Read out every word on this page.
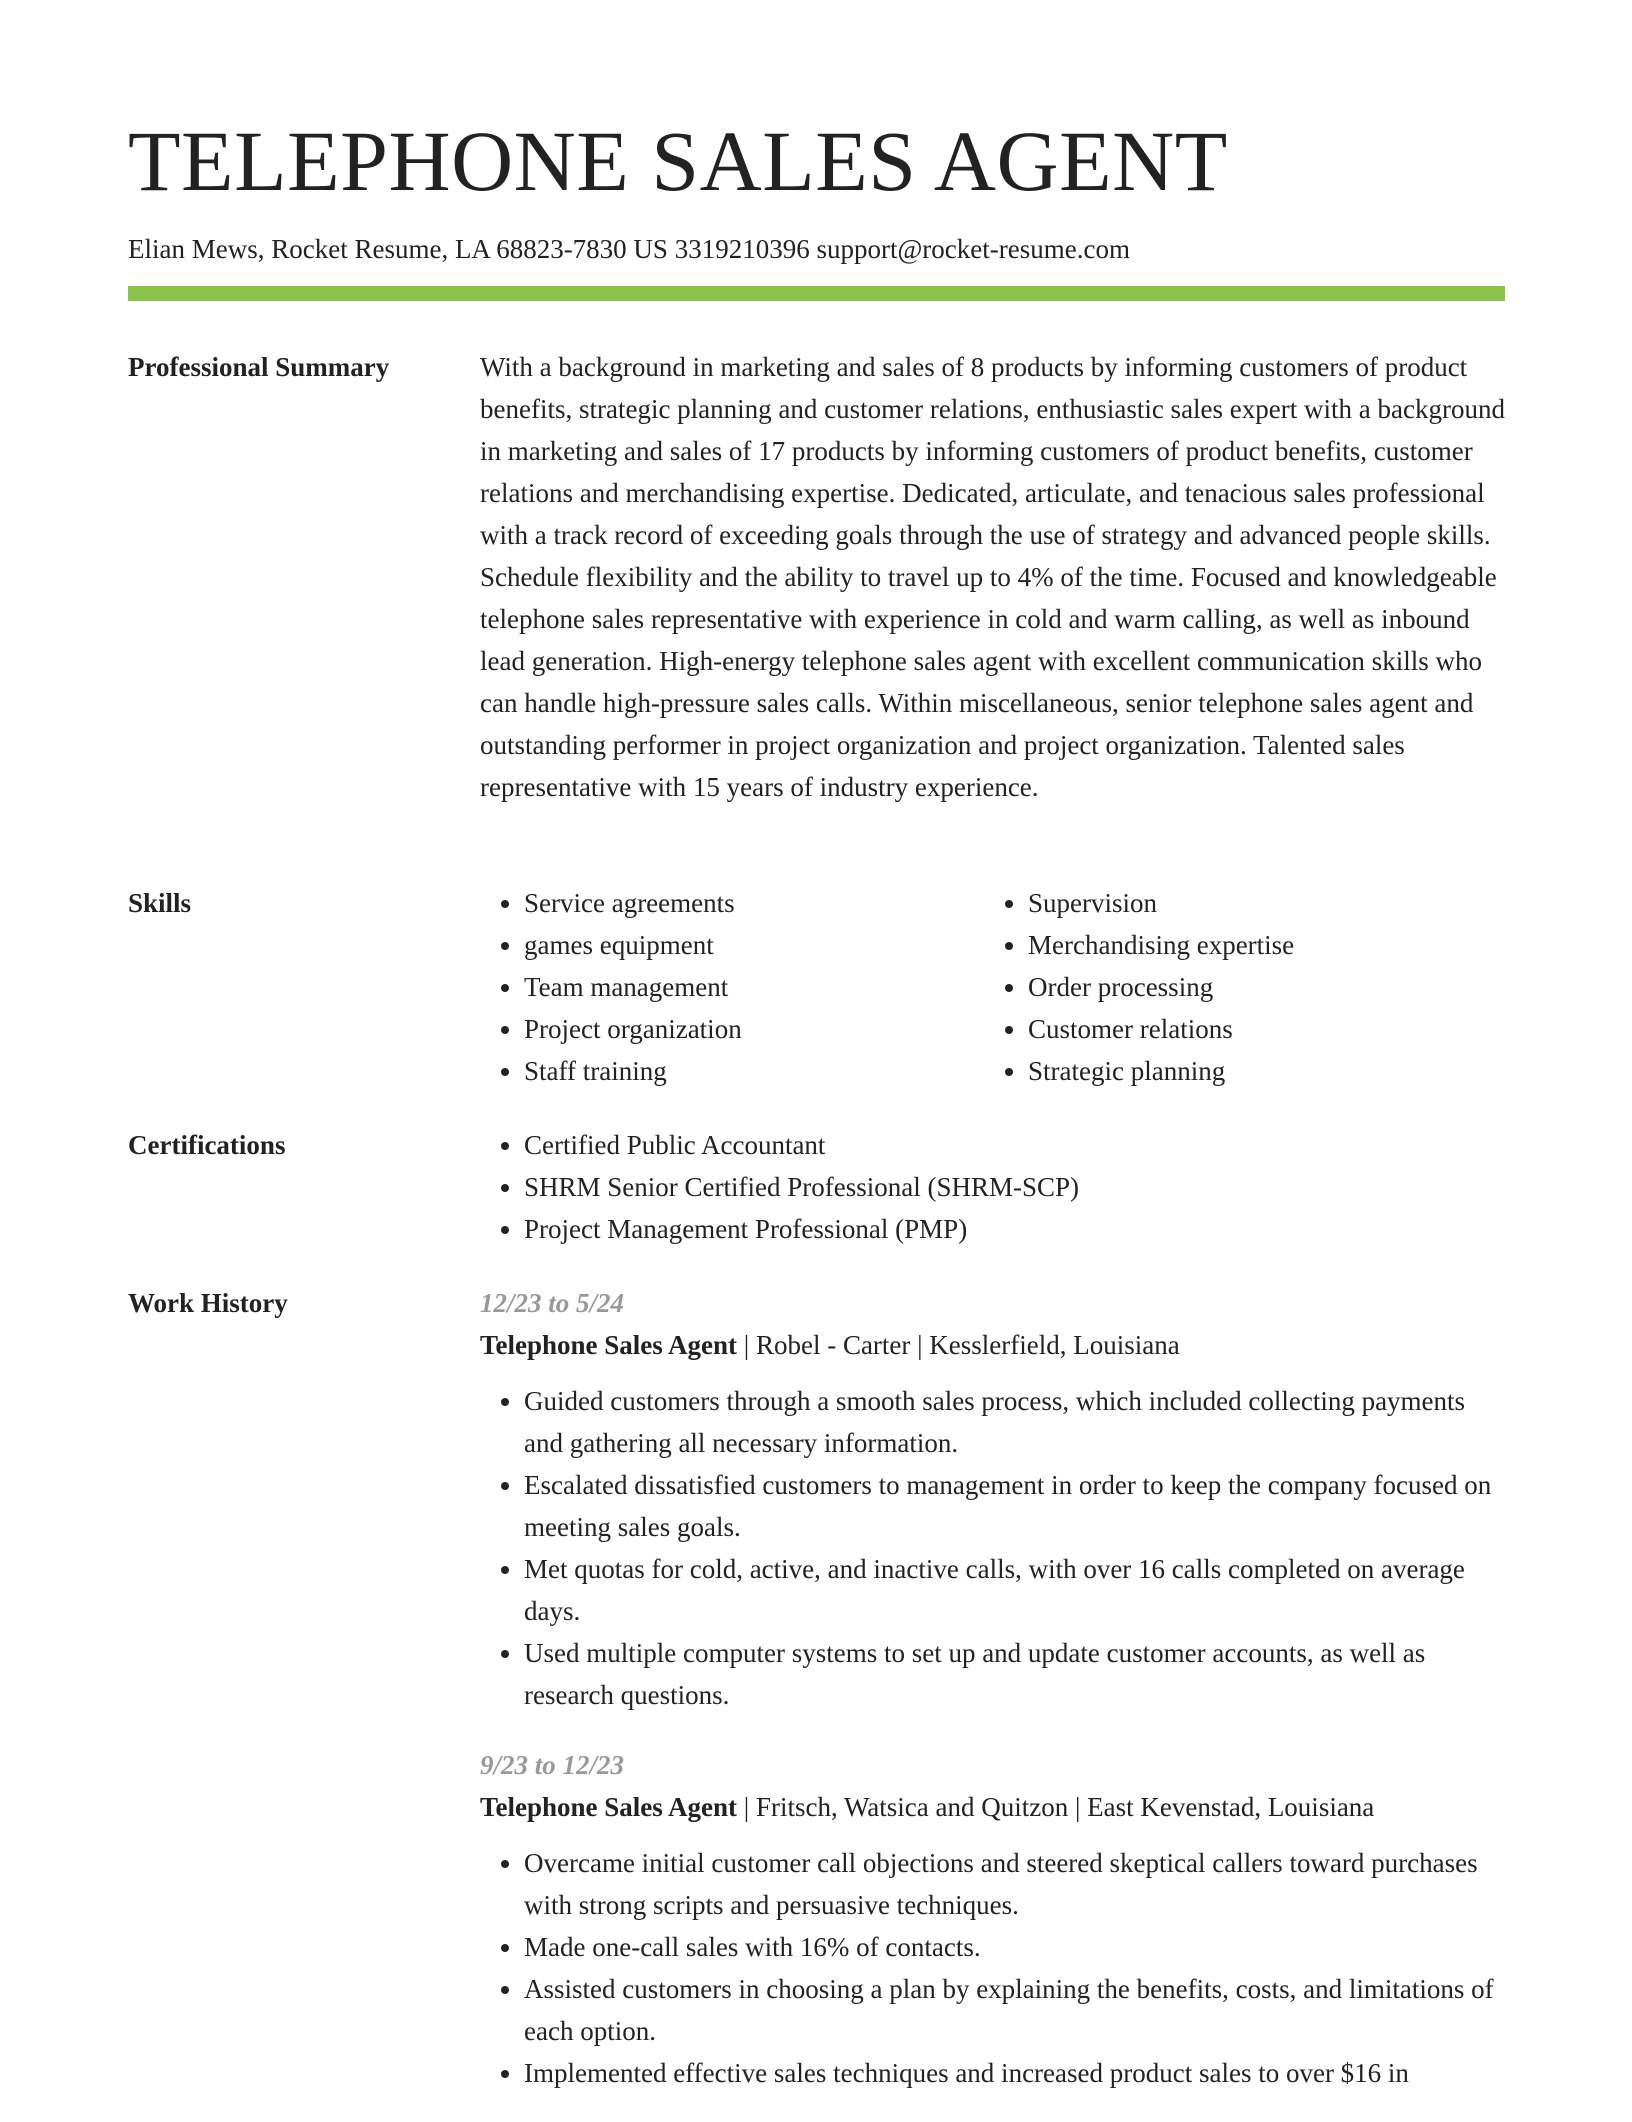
TELEPHONE SALES AGENT
Elian Mews, Rocket Resume, LA 68823-7830 US 3319210396 support@rocket-resume.com
Professional Summary	With a background in marketing and sales of 8 products by informing customers of product benefits, strategic planning and customer relations, enthusiastic sales expert with a background in marketing and sales of 17 products by informing customers of product benefits, customer relations and merchandising expertise. Dedicated, articulate, and tenacious sales professional with a track record of exceeding goals through the use of strategy and advanced people skills. Schedule flexibility and the ability to travel up to 4% of the time. Focused and knowledgeable telephone sales representative with experience in cold and warm calling, as well as inbound lead generation. High-energy telephone sales agent with excellent communication skills who can handle high-pressure sales calls. Within miscellaneous, senior telephone sales agent and outstanding performer in project organization and project organization. Talented sales representative with 15 years of industry experience.

Skills	• Service agreements
• games equipment
• Team management
• Project organization
• Staff training
• Supervision
• Merchandising expertise
• Order processing
• Customer relations
• Strategic planning
Certifications	• Certified Public Accountant
• SHRM Senior Certified Professional (SHRM-SCP)
• Project Management Professional (PMP)
Work History	12/23 to 5/24
Telephone Sales Agent | Robel - Carter | Kesslerfield, Louisiana
• Guided customers through a smooth sales process, which included collecting payments and gathering all necessary information.
• Escalated dissatisfied customers to management in order to keep the company focused on meeting sales goals.
• Met quotas for cold, active, and inactive calls, with over 16 calls completed on average days.
• Used multiple computer systems to set up and update customer accounts, as well as research questions.
9/23 to 12/23
Telephone Sales Agent | Fritsch, Watsica and Quitzon | East Kevenstad, Louisiana
• Overcame initial customer call objections and steered skeptical callers toward purchases with strong scripts and persuasive techniques.
• Made one-call sales with 16% of contacts.
• Assisted customers in choosing a plan by explaining the benefits, costs, and limitations of each option.
• Implemented effective sales techniques and increased product sales to over $16 in
